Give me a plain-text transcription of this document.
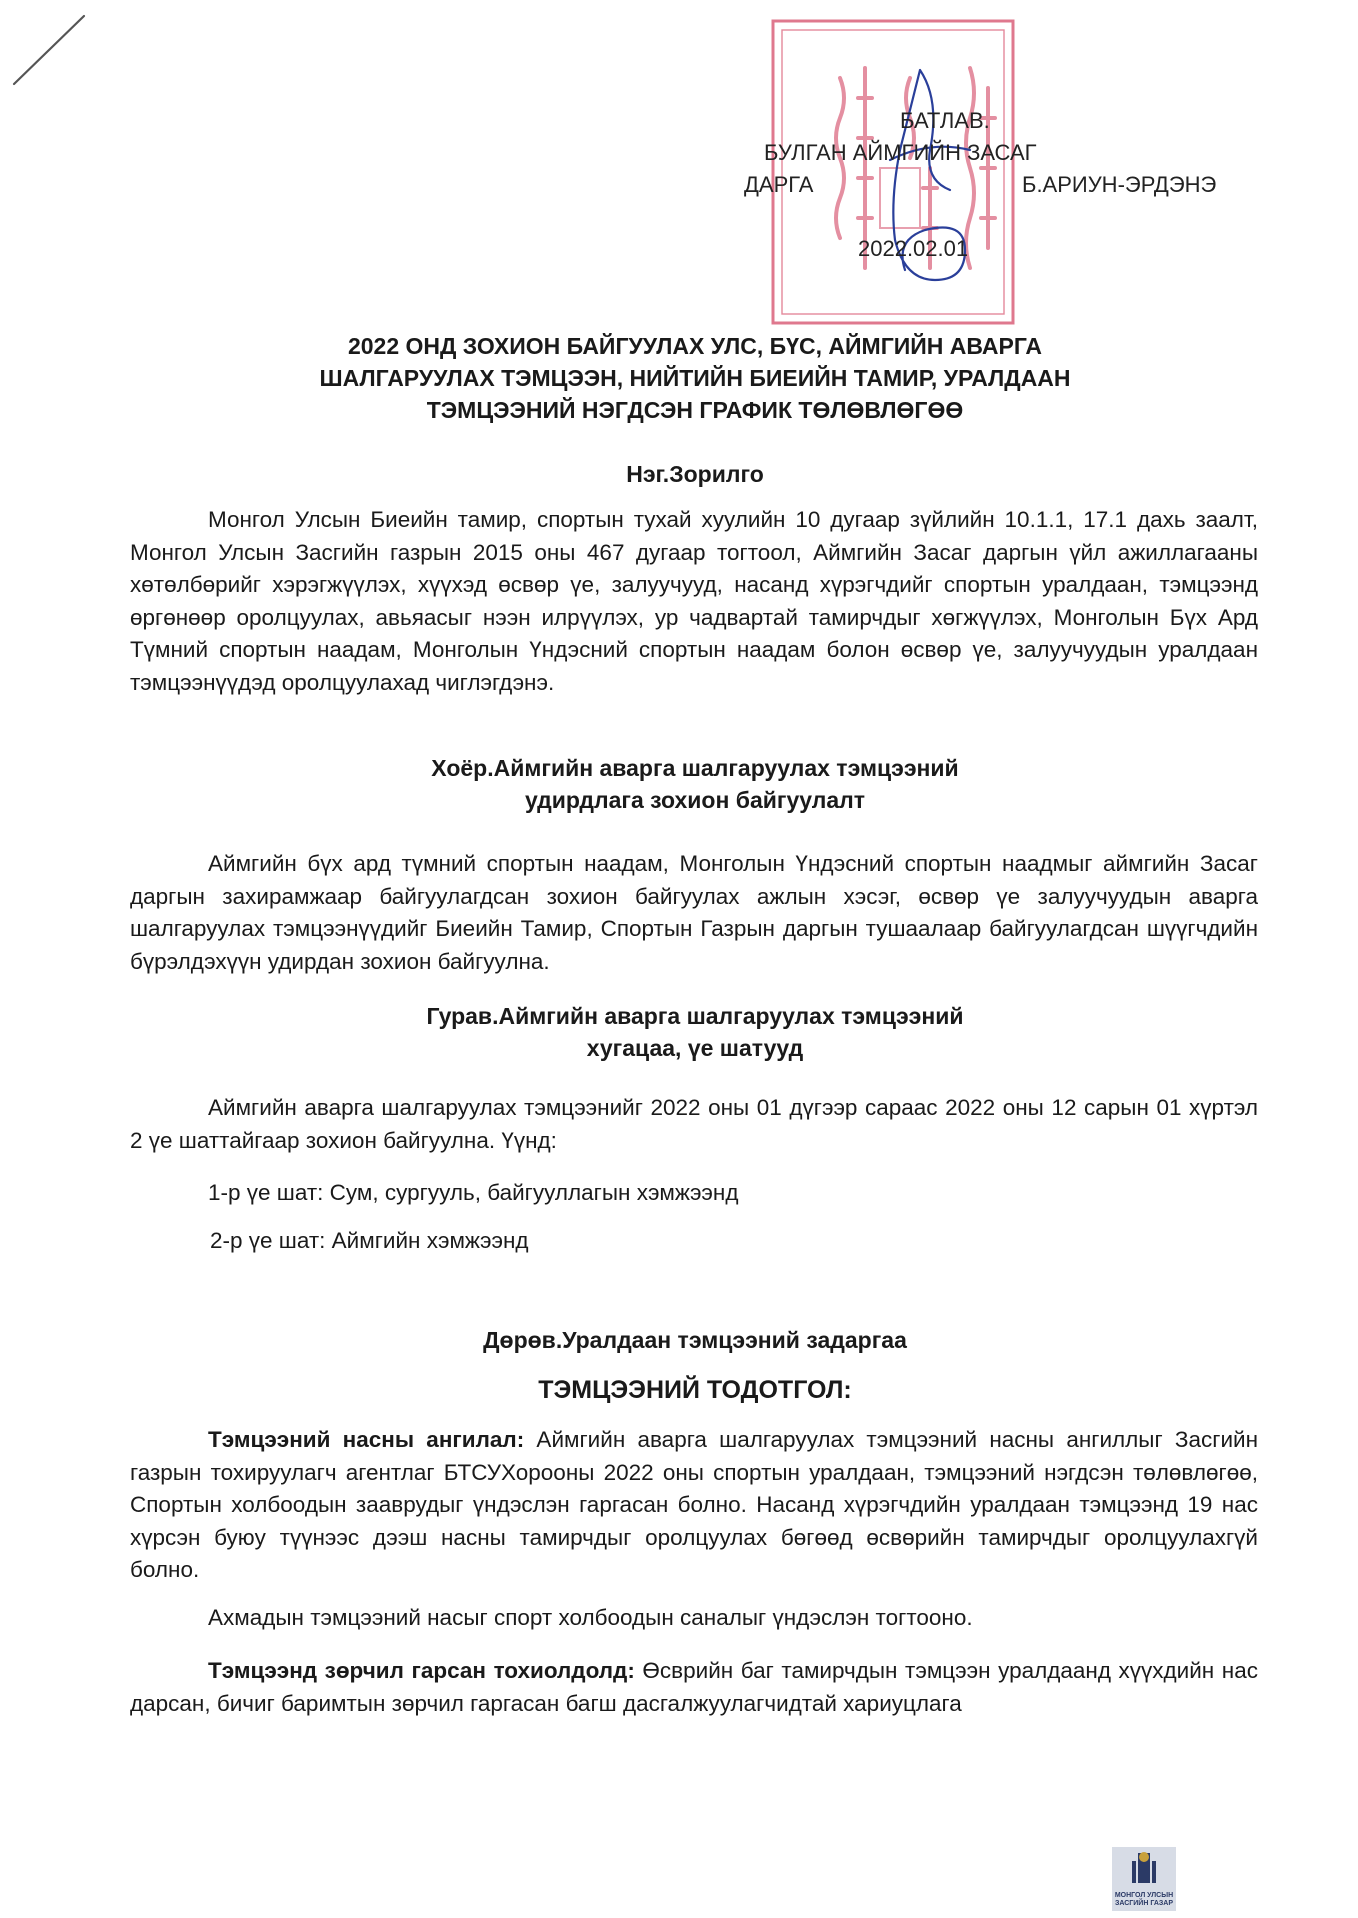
БАТЛАВ.
БУЛГАН АЙМГИЙН ЗАСАГ
ДАРГА	Б.АРИУН-ЭРДЭНЭ
2022.02.01
2022 ОНД ЗОХИОН БАЙГУУЛАХ УЛС, БҮС, АЙМГИЙН АВАРГА
ШАЛГАРУУЛАХ ТЭМЦЭЭН, НИЙТИЙН БИЕИЙН ТАМИР, УРАЛДААН
ТЭМЦЭЭНИЙ НЭГДСЭН ГРАФИК ТӨЛӨВЛӨГӨӨ
Нэг.Зорилго
Монгол Улсын Биеийн тамир, спортын тухай хуулийн 10 дугаар зүйлийн 10.1.1, 17.1 дахь заалт, Монгол Улсын Засгийн газрын 2015 оны 467 дугаар тогтоол, Аймгийн Засаг даргын үйл ажиллагааны хөтөлбөрийг хэрэгжүүлэх, хүүхэд өсвөр үе, залуучууд, насанд хүрэгчдийг спортын уралдаан, тэмцээнд өргөнөөр оролцуулах, авьяасыг нээн илрүүлэх, ур чадвартай тамирчдыг хөгжүүлэх, Монголын Бүх Ард Түмний спортын наадам, Монголын Үндэсний спортын наадам болон өсвөр үе, залуучуудын уралдаан тэмцээнүүдэд оролцуулахад чиглэгдэнэ.
Хоёр.Аймгийн аварга шалгаруулах тэмцээний
удирдлага зохион байгуулалт
Аймгийн бүх ард түмний спортын наадам, Монголын Үндэсний спортын наадмыг аймгийн Засаг даргын захирамжаар байгуулагдсан зохион байгуулах ажлын хэсэг, өсвөр үе залуучуудын аварга шалгаруулах тэмцээнүүдийг Биеийн Тамир, Спортын Газрын даргын тушаалаар байгуулагдсан шүүгчдийн бүрэлдэхүүн удирдан зохион байгуулна.
Гурав.Аймгийн аварга шалгаруулах тэмцээний
хугацаа, үе шатууд
Аймгийн аварга шалгаруулах тэмцээнийг 2022 оны 01 дүгээр сараас 2022 оны 12 сарын 01 хүртэл 2 үе шаттайгаар зохион байгуулна. Үүнд:
1-р үе шат: Сум, сургууль, байгууллагын хэмжээнд
2-р үе шат: Аймгийн хэмжээнд
Дөрөв.Уралдаан тэмцээний задаргаа
ТЭМЦЭЭНИЙ ТОДОТГОЛ:
Тэмцээний насны ангилал: Аймгийн аварга шалгаруулах тэмцээний насны ангиллыг Засгийн газрын тохируулагч агентлаг БТСУХорооны 2022 оны спортын уралдаан, тэмцээний нэгдсэн төлөвлөгөө, Спортын холбоодын зааврудыг үндэслэн гаргасан болно. Насанд хүрэгчдийн уралдаан тэмцээнд 19 нас хүрсэн буюу түүнээс дээш насны тамирчдыг оролцуулах бөгөөд өсвөрийн тамирчдыг оролцуулахгүй болно.
Ахмадын тэмцээний насыг спорт холбоодын саналыг үндэслэн тогтооно.
Тэмцээнд зөрчил гарсан тохиолдолд: Өсврийн баг тамирчдын тэмцээн уралдаанд хүүхдийн нас дарсан, бичиг баримтын зөрчил гаргасан багш дасгалжуулагчидтай хариуцлага
МОНГОЛ УЛСЫН
ЗАСГИЙН ГАЗАР
